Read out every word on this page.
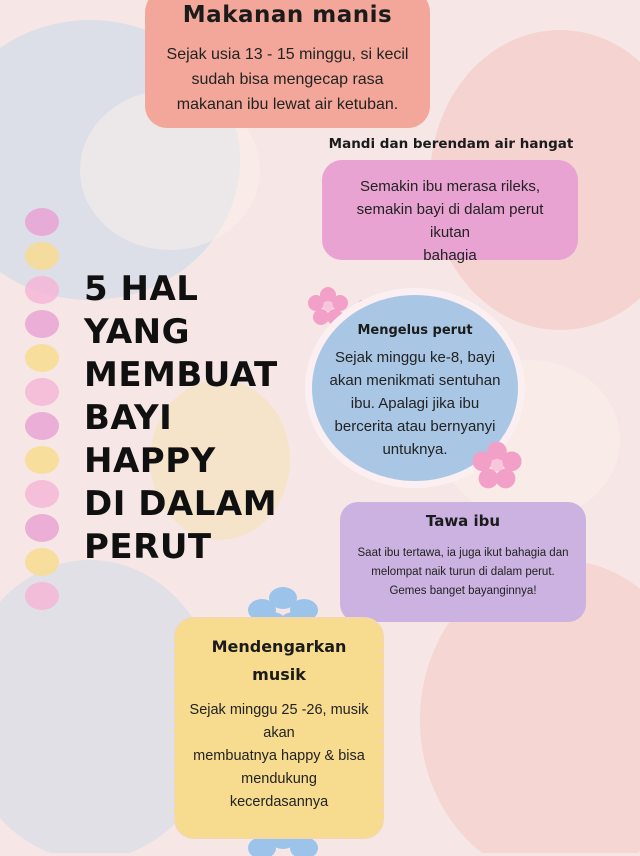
5 HAL
YANG
MEMBUAT
BAYI
HAPPY
DI DALAM
PERUT
Makanan manis

Sejak usia 13 - 15 minggu, si kecil
sudah bisa mengecap rasa
makanan ibu lewat air ketuban.

Mandi dan berendam air hangat

Semakin ibu merasa rileks,
semakin bayi di dalam perut
ikutan
bahagia

Mengelus perut

Sejak minggu ke-8, bayi
akan menikmati sentuhan
ibu. Apalagi jika ibu
bercerita atau bernyanyi
untuknya.

Tawa ibu

Saat ibu tertawa, ia juga ikut bahagia dan
melompat naik turun di dalam perut.
Gemes banget bayanginnya!

Mendengarkan
musik

Sejak minggu 25 -26, musik
akan
membuatnya happy & bisa
mendukung
kecerdasannya
